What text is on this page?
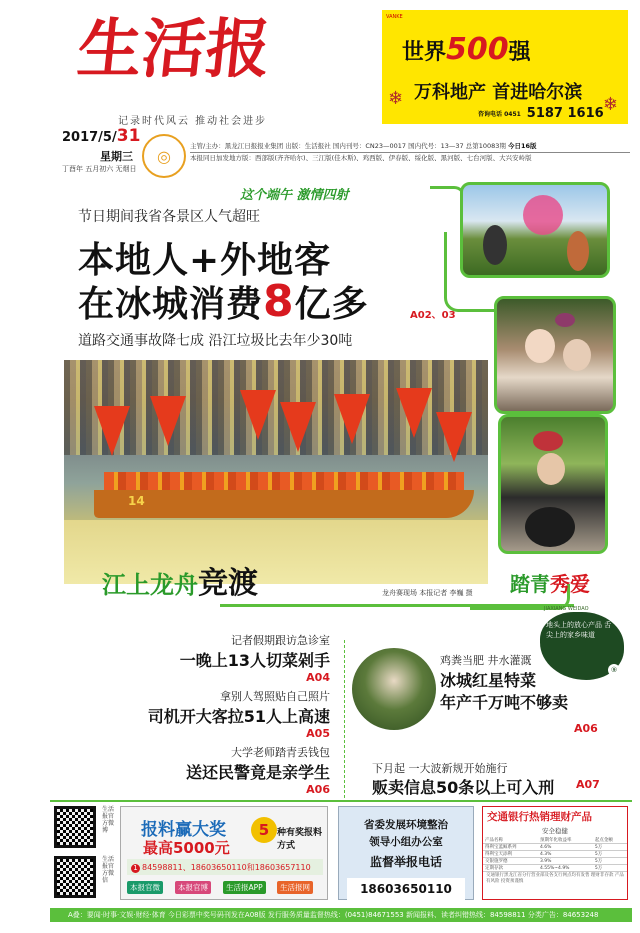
生活报
记录时代风云 推动社会进步
VANKE
世界500强
万科地产 首进哈尔滨
咨询电话 0451 5187 1616
❄	❄
2017/5/31
星期三
丁酉年 五月初六 无烟日
◎
主管/主办：黑龙江日报报业集团 出版：生活报社 国内刊号：CN23—0017 国内代号：13—37 总第10083期 今日16版
本报同日加发地方版：西部版(齐齐哈尔)、三江版(佳木斯)、鸡西版、伊春版、绥化版、黑河版、七台河版、大兴安岭版
这个端午 激情四射
节日期间我省各景区人气超旺
本地人+外地客
在冰城消费8亿多	A02、03
道路交通事故降七成 沿江垃圾比去年少30吨
14
江上龙舟竞渡	龙舟赛现场 本报记者 李巍 摄 踏青秀爱
记者假期跟访急诊室
一晚上13人切菜剁手
A04
拿别人驾照贴自己照片
司机开大客拉51人上高速
A05
大学老师踏青丢钱包
送还民警竟是亲学生
A06
鸡粪当肥 井水灌溉
冰城红星特菜
年产千万吨不够卖
A06
JIAXIANG WEIDAO
地头上的放心产品 舌尖上的家乡味道
⑨
下月起 一大波新规开始施行
贩卖信息50条以上可入刑 A07
生活报官方微博
生活报官方微信
报料赢大奖
最高5000元
5 种有奖报料方式
1 84598811、18603650110和18603657110
本报官微	本报官博	生活报APP	生活报网
省委发展环境整治
领导小组办公室
监督举报电话
18603650110
交通银行热销理财产品
安全稳健
产品名称	预期年化收益率	起点金额
得利宝蓝鲸系列	4.6%	5万
得利宝天添利	4.3%	5万
交银施罗德	3.9%	5万
定期存款	4.55%~4.9%	5万
交通银行黑龙江省分行营业部及各支行网点均有发售 理财非存款 产品有风险 投资须谨慎
A叠：要闻·时事·文娱·财经·体育 今日彩票中奖号码刊发在A08版 发行服务质量监督热线：(0451)84671553 新闻报料、读者纠错热线：84598811 分类广告：84653248
